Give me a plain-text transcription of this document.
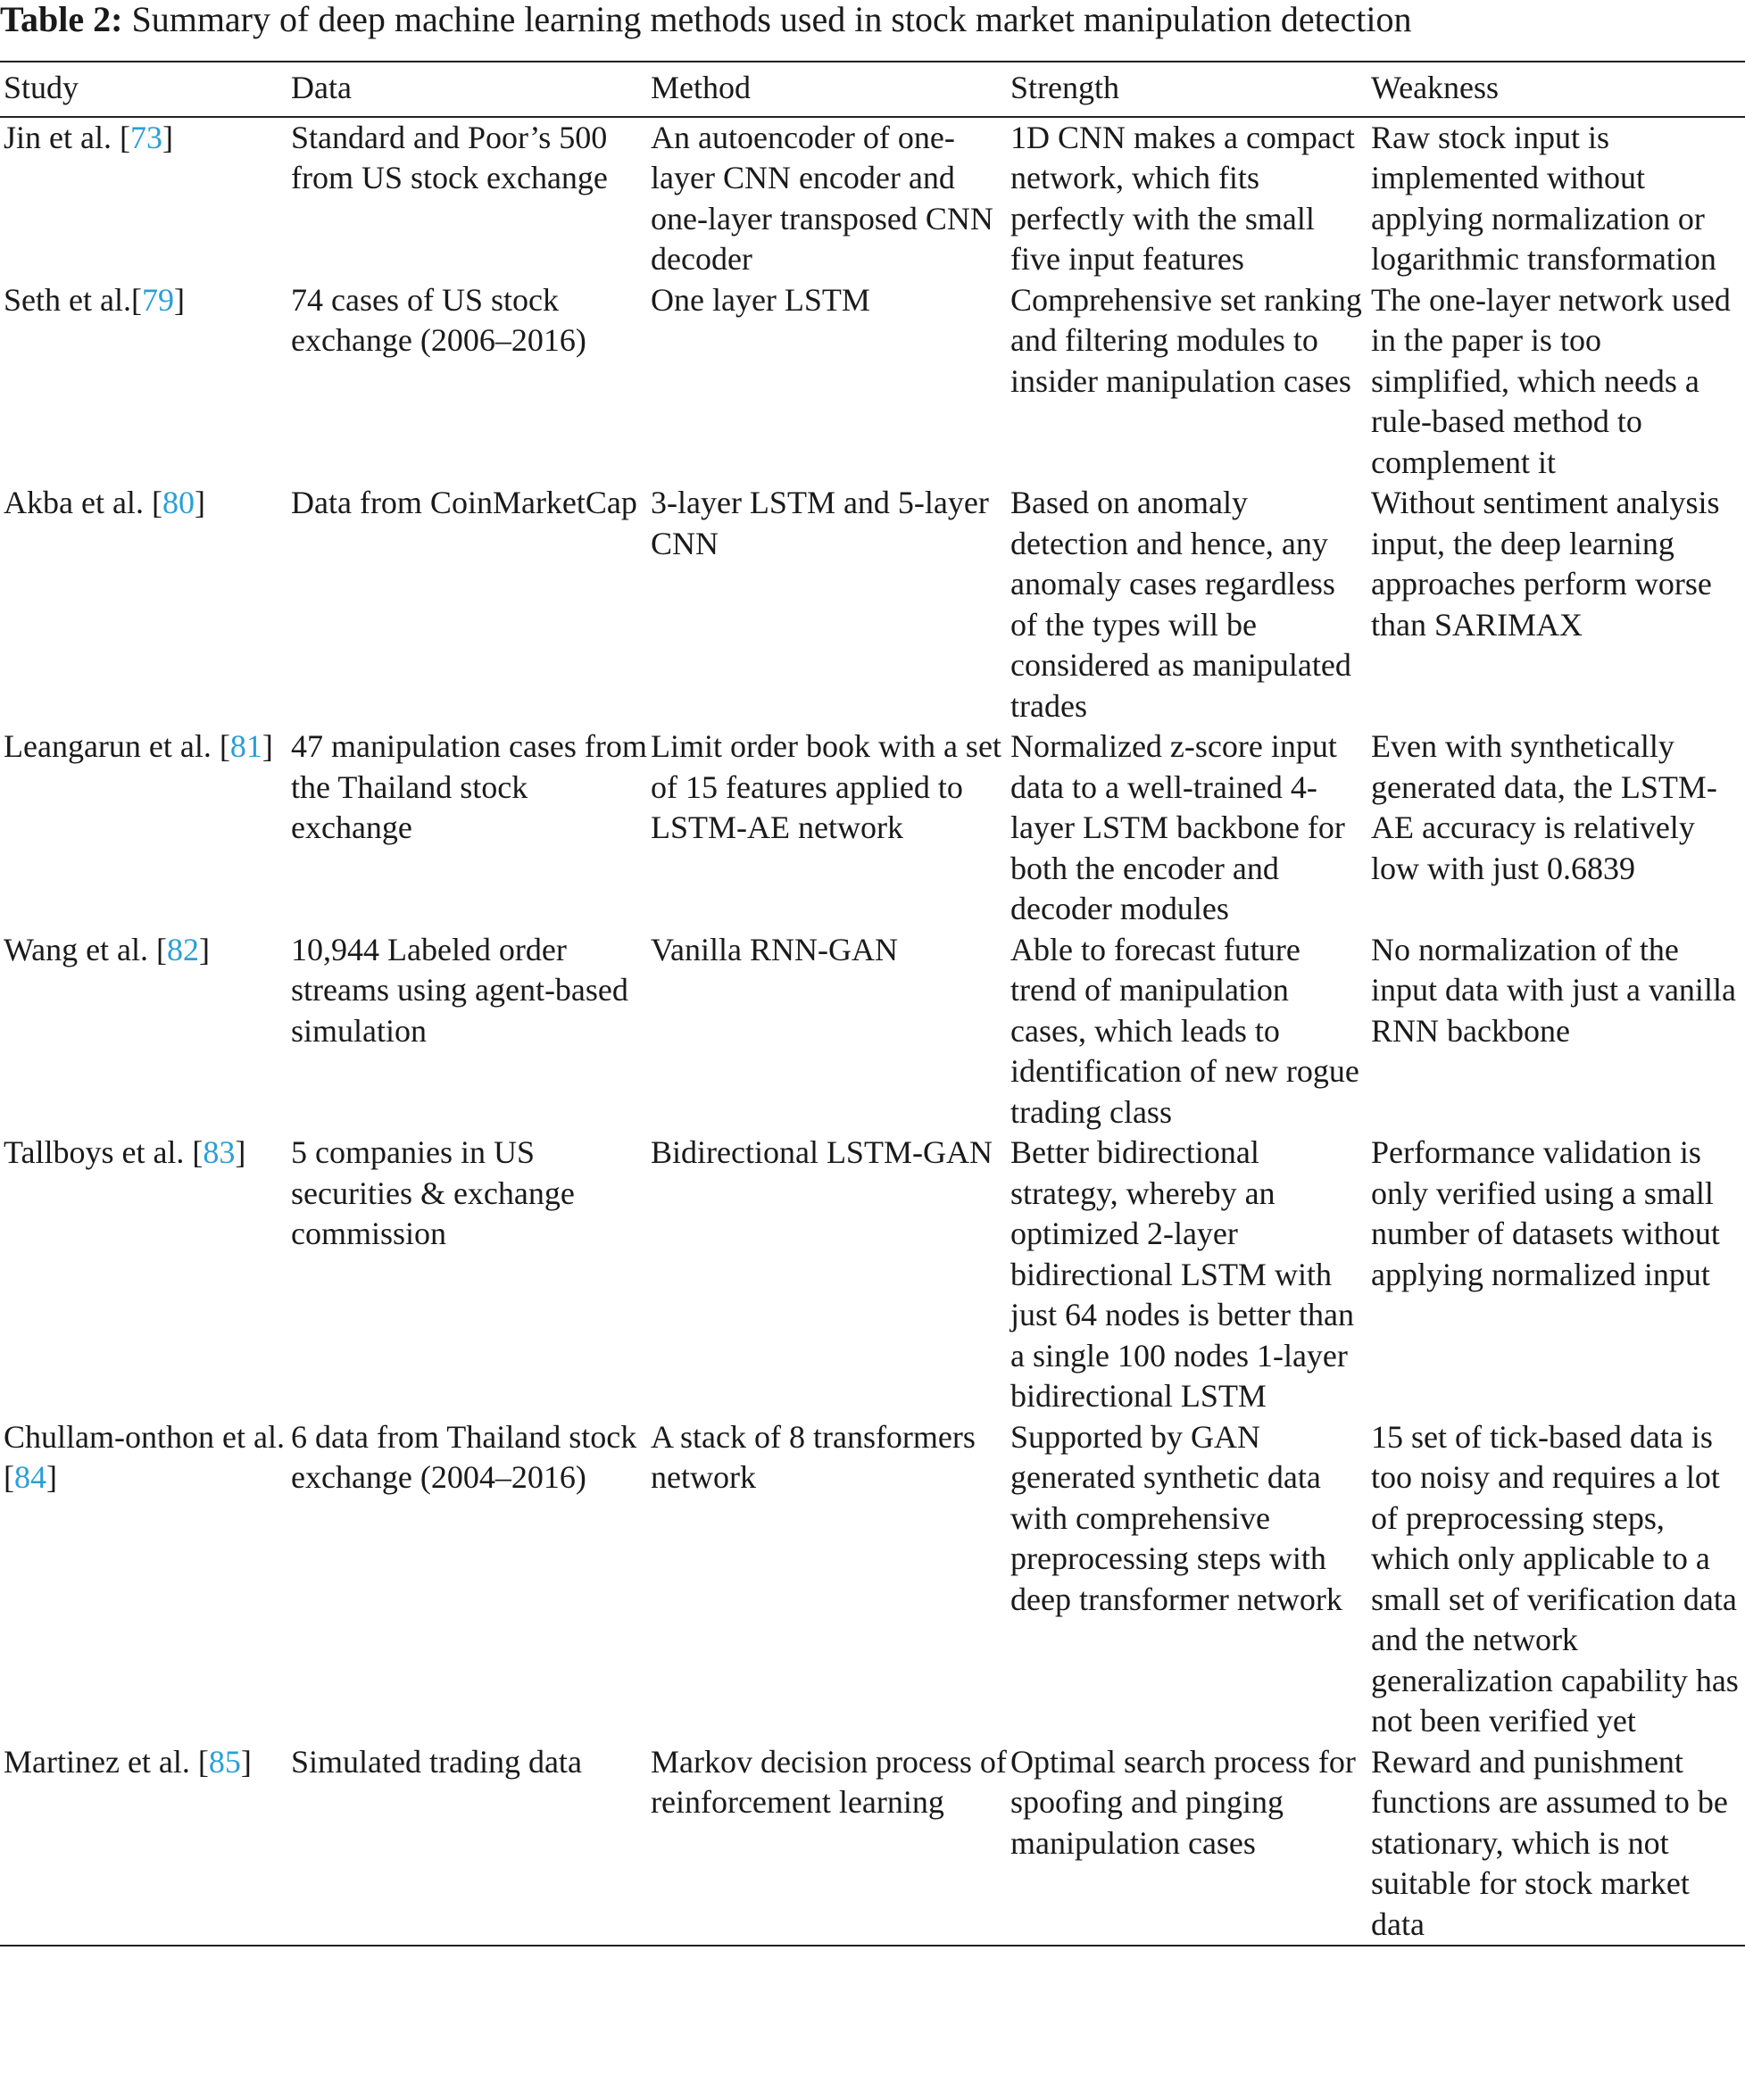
Table 2: Summary of deep machine learning methods used in stock market manipulation detection
Study	Data	Method	Strength	Weakness
Jin et al. [73]	Standard and Poor’s 500 from US stock exchange	An autoencoder of one-layer CNN encoder and one-layer transposed CNN decoder	1D CNN makes a compact network, which fits perfectly with the small five input features	Raw stock input is implemented without applying normalization or logarithmic transformation
Seth et al.[79]	74 cases of US stock exchange (2006–2016)	One layer LSTM	Comprehensive set ranking and filtering modules to insider manipulation cases	The one-layer network used in the paper is too simplified, which needs a rule-based method to complement it
Akba et al. [80]	Data from CoinMarketCap	3-layer LSTM and 5-layer CNN	Based on anomaly detection and hence, any anomaly cases regardless of the types will be considered as manipulated trades	Without sentiment analysis input, the deep learning approaches perform worse than SARIMAX
Leangarun et al. [81]	47 manipulation cases from the Thailand stock exchange	Limit order book with a set of 15 features applied to LSTM-AE network	Normalized z-score input data to a well-trained 4-layer LSTM backbone for both the encoder and decoder modules	Even with synthetically generated data, the LSTM-AE accuracy is relatively low with just 0.6839
Wang et al. [82]	10,944 Labeled order streams using agent-based simulation	Vanilla RNN-GAN	Able to forecast future trend of manipulation cases, which leads to identification of new rogue trading class	No normalization of the input data with just a vanilla RNN backbone
Tallboys et al. [83]	5 companies in US securities & exchange commission	Bidirectional LSTM-GAN	Better bidirectional strategy, whereby an optimized 2-layer bidirectional LSTM with just 64 nodes is better than a single 100 nodes 1-layer bidirectional LSTM	Performance validation is only verified using a small number of datasets without applying normalized input
Chullam-onthon et al. [84]	6 data from Thailand stock exchange (2004–2016)	A stack of 8 transformers network	Supported by GAN generated synthetic data with comprehensive preprocessing steps with deep transformer network	15 set of tick-based data is too noisy and requires a lot of preprocessing steps, which only applicable to a small set of verification data and the network generalization capability has not been verified yet
Martinez et al. [85]	Simulated trading data	Markov decision process of reinforcement learning	Optimal search process for spoofing and pinging manipulation cases	Reward and punishment functions are assumed to be stationary, which is not suitable for stock market data
